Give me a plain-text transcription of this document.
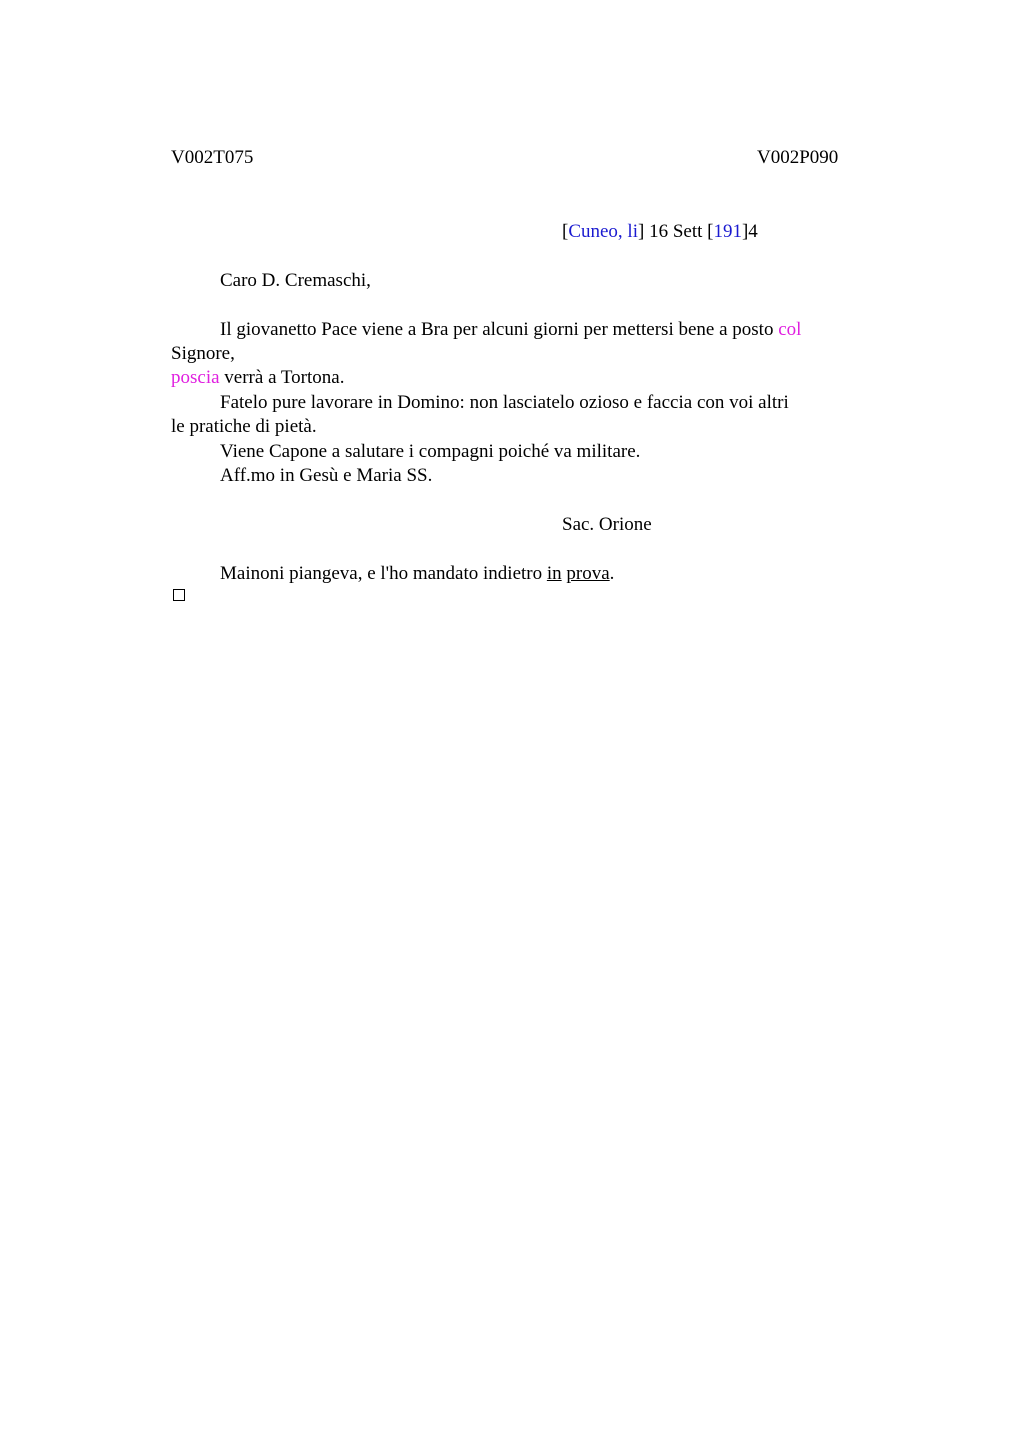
V002T075	V002P090
[Cuneo, li] 16 Sett [191]4
Caro D. Cremaschi,
Il giovanetto Pace viene a Bra per alcuni giorni per mettersi bene a posto col
Signore,
poscia verrà a Tortona.
Fatelo pure lavorare in Domino: non lasciatelo ozioso e faccia con voi altri
le pratiche di pietà.
Viene Capone a salutare i compagni poiché va militare.
Aff.mo in Gesù e Maria SS.
Sac. Orione
Mainoni piangeva, e l'ho mandato indietro in prova.
